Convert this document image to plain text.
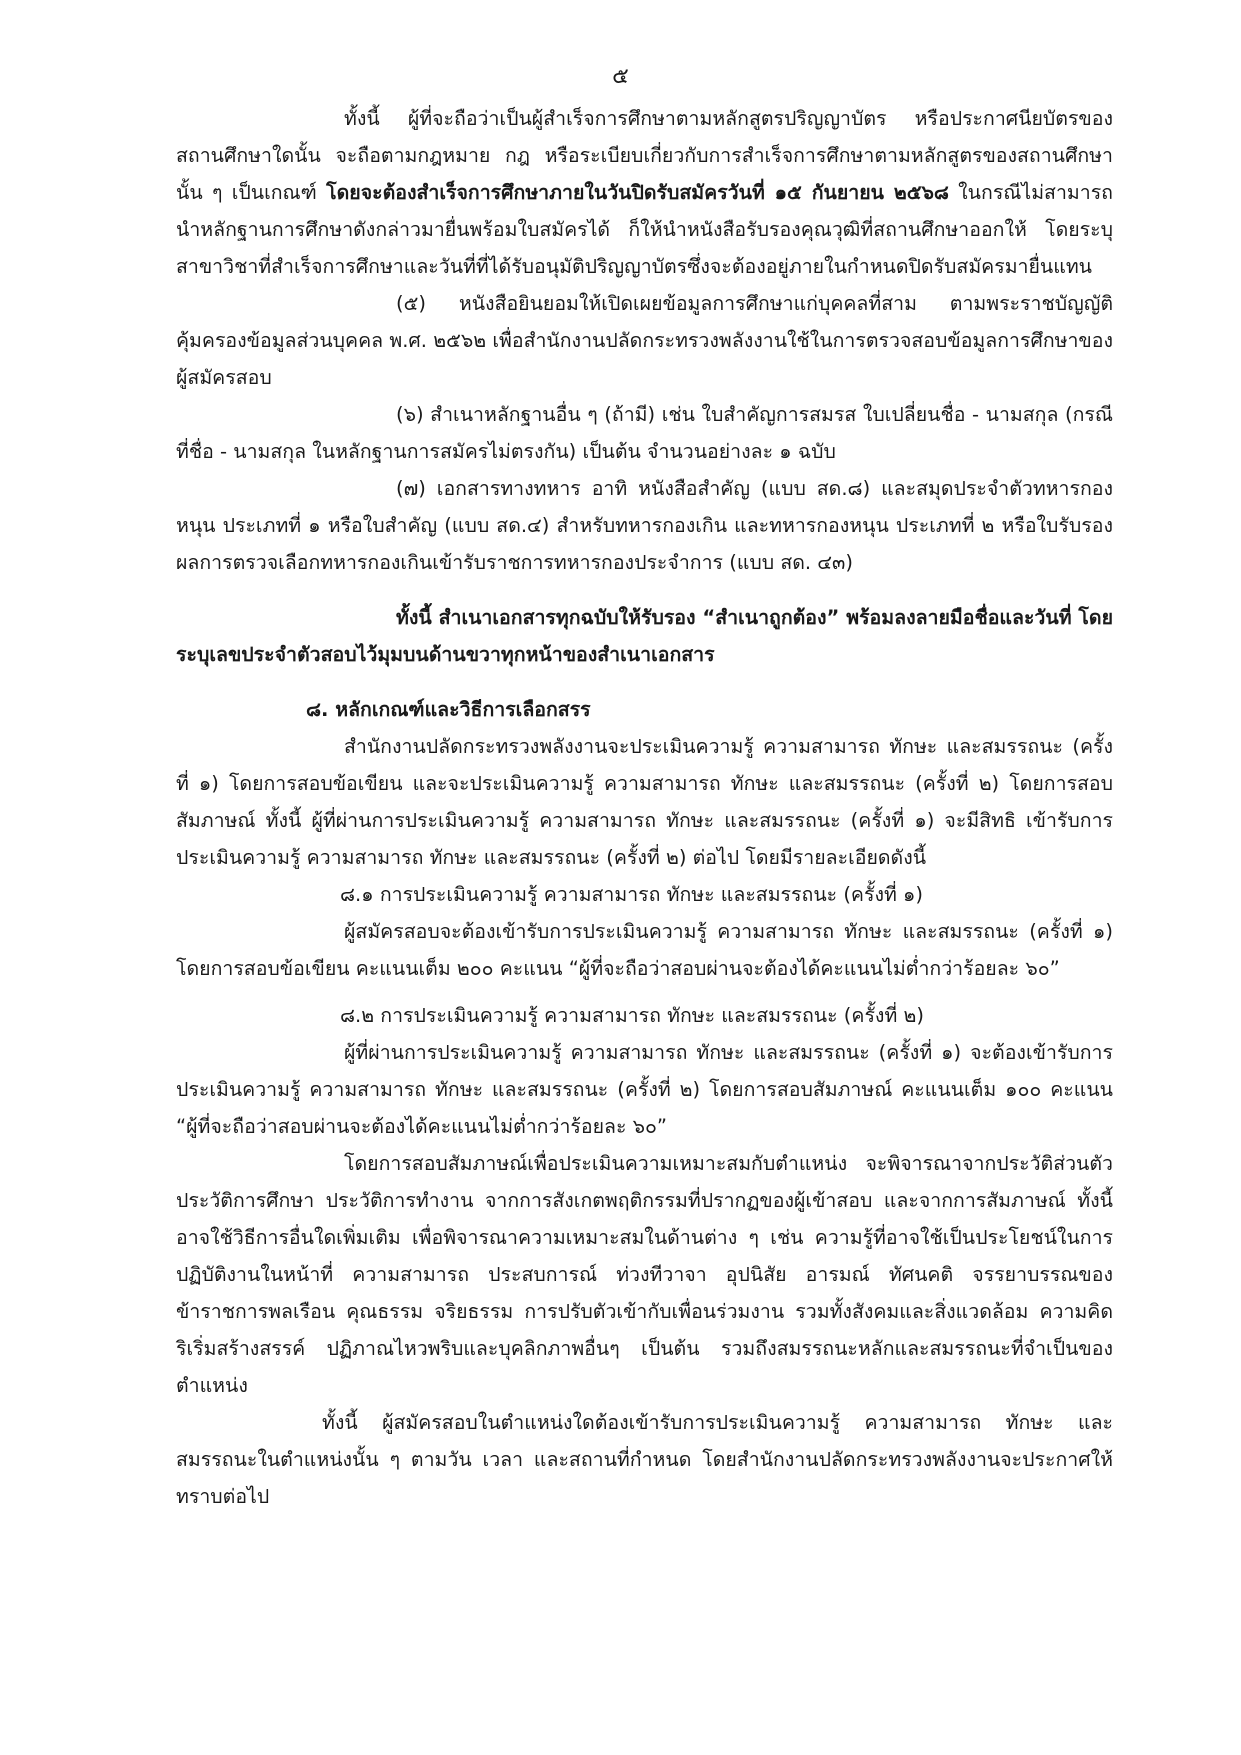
๕

ทั้งนี้ ผู้ที่จะถือว่าเป็นผู้สำเร็จการศึกษาตามหลักสูตรปริญญาบัตร หรือประกาศนียบัตรของสถานศึกษาใดนั้น จะถือตามกฎหมาย กฎ หรือระเบียบเกี่ยวกับการสำเร็จการศึกษาตามหลักสูตรของสถานศึกษานั้น ๆ เป็นเกณฑ์ โดยจะต้องสำเร็จการศึกษาภายในวันปิดรับสมัครวันที่ ๑๕ กันยายน ๒๕๖๘ ในกรณีไม่สามารถนำหลักฐานการศึกษาดังกล่าวมายื่นพร้อมใบสมัครได้ ก็ให้นำหนังสือรับรองคุณวุฒิที่สถานศึกษาออกให้ โดยระบุสาขาวิชาที่สำเร็จการศึกษาและวันที่ที่ได้รับอนุมัติปริญญาบัตรซึ่งจะต้องอยู่ภายในกำหนดปิดรับสมัครมายื่นแทน

(๕) หนังสือยินยอมให้เปิดเผยข้อมูลการศึกษาแก่บุคคลที่สาม ตามพระราชบัญญัติคุ้มครองข้อมูลส่วนบุคคล พ.ศ. ๒๕๖๒ เพื่อสำนักงานปลัดกระทรวงพลังงานใช้ในการตรวจสอบข้อมูลการศึกษาของผู้สมัครสอบ

(๖) สำเนาหลักฐานอื่น ๆ (ถ้ามี) เช่น ใบสำคัญการสมรส ใบเปลี่ยนชื่อ - นามสกุล (กรณีที่ชื่อ - นามสกุล ในหลักฐานการสมัครไม่ตรงกัน) เป็นต้น จำนวนอย่างละ ๑ ฉบับ

(๗) เอกสารทางทหาร อาทิ หนังสือสำคัญ (แบบ สด.๘) และสมุดประจำตัวทหารกองหนุน ประเภทที่ ๑ หรือใบสำคัญ (แบบ สด.๔) สำหรับทหารกองเกิน และทหารกองหนุน ประเภทที่ ๒ หรือใบรับรองผลการตรวจเลือกทหารกองเกินเข้ารับราชการทหารกองประจำการ (แบบ สด. ๔๓)

ทั้งนี้ สำเนาเอกสารทุกฉบับให้รับรอง “สำเนาถูกต้อง” พร้อมลงลายมือชื่อและวันที่ โดยระบุเลขประจำตัวสอบไว้มุมบนด้านขวาทุกหน้าของสำเนาเอกสาร

๘. หลักเกณฑ์และวิธีการเลือกสรร

สำนักงานปลัดกระทรวงพลังงานจะประเมินความรู้ ความสามารถ ทักษะ และสมรรถนะ (ครั้งที่ ๑) โดยการสอบข้อเขียน และจะประเมินความรู้ ความสามารถ ทักษะ และสมรรถนะ (ครั้งที่ ๒) โดยการสอบสัมภาษณ์ ทั้งนี้ ผู้ที่ผ่านการประเมินความรู้ ความสามารถ ทักษะ และสมรรถนะ (ครั้งที่ ๑) จะมีสิทธิ เข้ารับการประเมินความรู้ ความสามารถ ทักษะ และสมรรถนะ (ครั้งที่ ๒) ต่อไป โดยมีรายละเอียดดังนี้

๘.๑ การประเมินความรู้ ความสามารถ ทักษะ และสมรรถนะ (ครั้งที่ ๑)

ผู้สมัครสอบจะต้องเข้ารับการประเมินความรู้ ความสามารถ ทักษะ และสมรรถนะ (ครั้งที่ ๑) โดยการสอบข้อเขียน คะแนนเต็ม ๒๐๐ คะแนน “ผู้ที่จะถือว่าสอบผ่านจะต้องได้คะแนนไม่ต่ำกว่าร้อยละ ๖๐”

๘.๒ การประเมินความรู้ ความสามารถ ทักษะ และสมรรถนะ (ครั้งที่ ๒)

ผู้ที่ผ่านการประเมินความรู้ ความสามารถ ทักษะ และสมรรถนะ (ครั้งที่ ๑) จะต้องเข้ารับการประเมินความรู้ ความสามารถ ทักษะ และสมรรถนะ (ครั้งที่ ๒) โดยการสอบสัมภาษณ์ คะแนนเต็ม ๑๐๐ คะแนน “ผู้ที่จะถือว่าสอบผ่านจะต้องได้คะแนนไม่ต่ำกว่าร้อยละ ๖๐”

โดยการสอบสัมภาษณ์เพื่อประเมินความเหมาะสมกับตำแหน่ง จะพิจารณาจากประวัติส่วนตัว ประวัติการศึกษา ประวัติการทำงาน จากการสังเกตพฤติกรรมที่ปรากฏของผู้เข้าสอบ และจากการสัมภาษณ์ ทั้งนี้ อาจใช้วิธีการอื่นใดเพิ่มเติม เพื่อพิจารณาความเหมาะสมในด้านต่าง ๆ เช่น ความรู้ที่อาจใช้เป็นประโยชน์ในการปฏิบัติงานในหน้าที่ ความสามารถ ประสบการณ์ ท่วงทีวาจา อุปนิสัย อารมณ์ ทัศนคติ จรรยาบรรณของข้าราชการพลเรือน คุณธรรม จริยธรรม การปรับตัวเข้ากับเพื่อนร่วมงาน รวมทั้งสังคมและสิ่งแวดล้อม ความคิดริเริ่มสร้างสรรค์ ปฏิภาณไหวพริบและบุคลิกภาพอื่นๆ เป็นต้น รวมถึงสมรรถนะหลักและสมรรถนะที่จำเป็นของตำแหน่ง

ทั้งนี้ ผู้สมัครสอบในตำแหน่งใดต้องเข้ารับการประเมินความรู้ ความสามารถ ทักษะ และสมรรถนะในตำแหน่งนั้น ๆ ตามวัน เวลา และสถานที่กำหนด โดยสำนักงานปลัดกระทรวงพลังงานจะประกาศให้ทราบต่อไป
